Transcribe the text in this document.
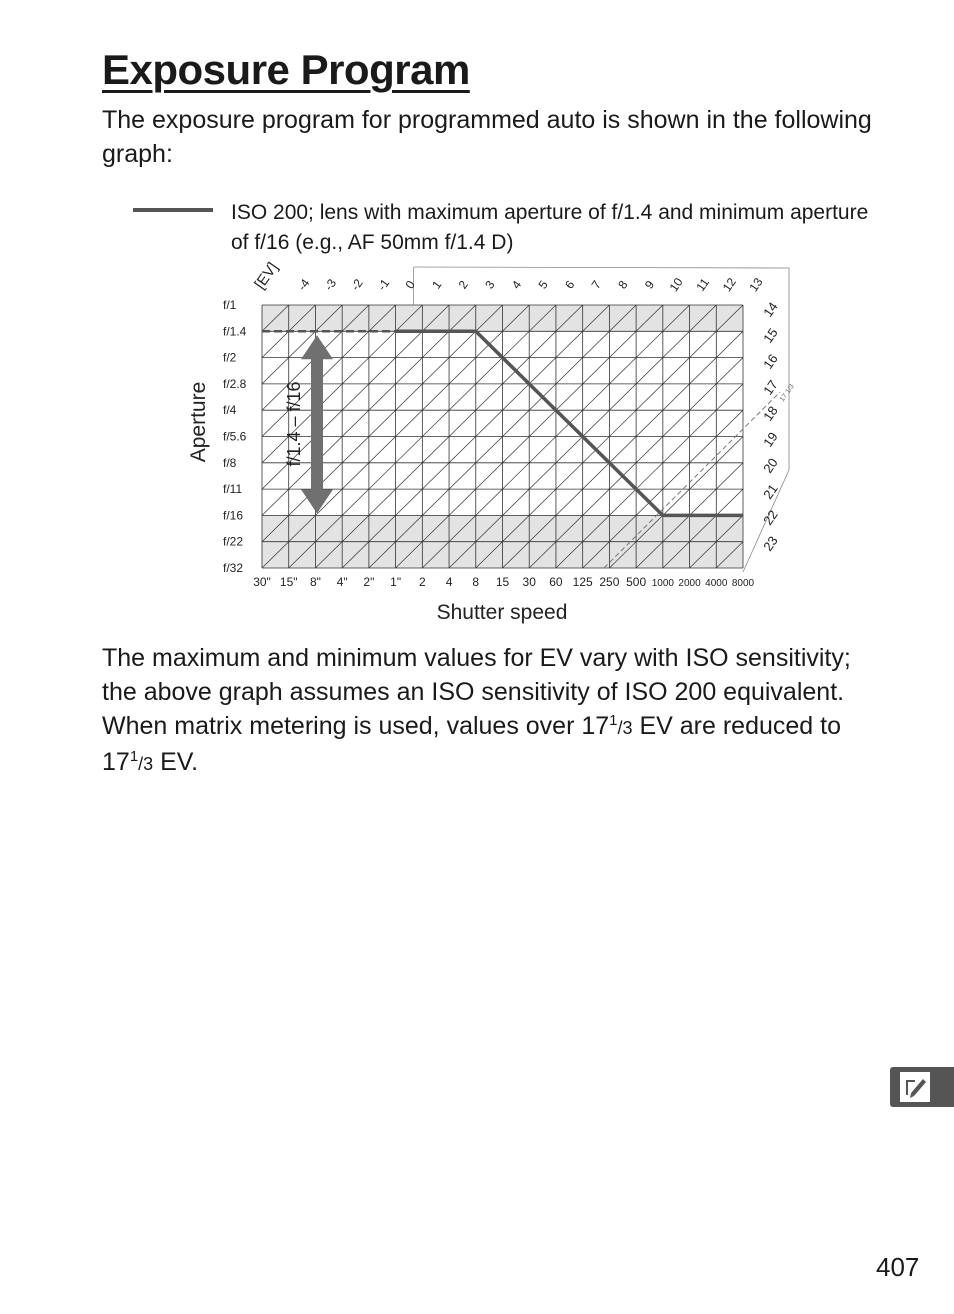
Exposure Program

The exposure program for programmed auto is shown in the following graph:

ISO 200; lens with maximum aperture of f/1.4 and minimum aperture of f/16 (e.g., AF 50mm f/1.4 D)
-4 -3 -2 -1 0 1 2 3 4 5 6 7 8 9 10 11 12 13
[EV]
14
15
16
17
18
19
20
21
22
23
17 1/3
f/1
f/1.4
f/2
f/2.8
f/4
f/5.6
f/8
f/11
f/16
f/22
f/32
30" 15" 8" 4" 2" 1" 2 4 8 15 30 60 125 250 500 1000 2000 4000 8000
Shutter speed
Aperture	f/1.4 – f/16

The maximum and minimum values for EV vary with ISO sensitivity; the above graph assumes an ISO sensitivity of ISO 200 equivalent. When matrix metering is used, values over $17^1/3$ EV are reduced to $17^1/3$ EV.

407
